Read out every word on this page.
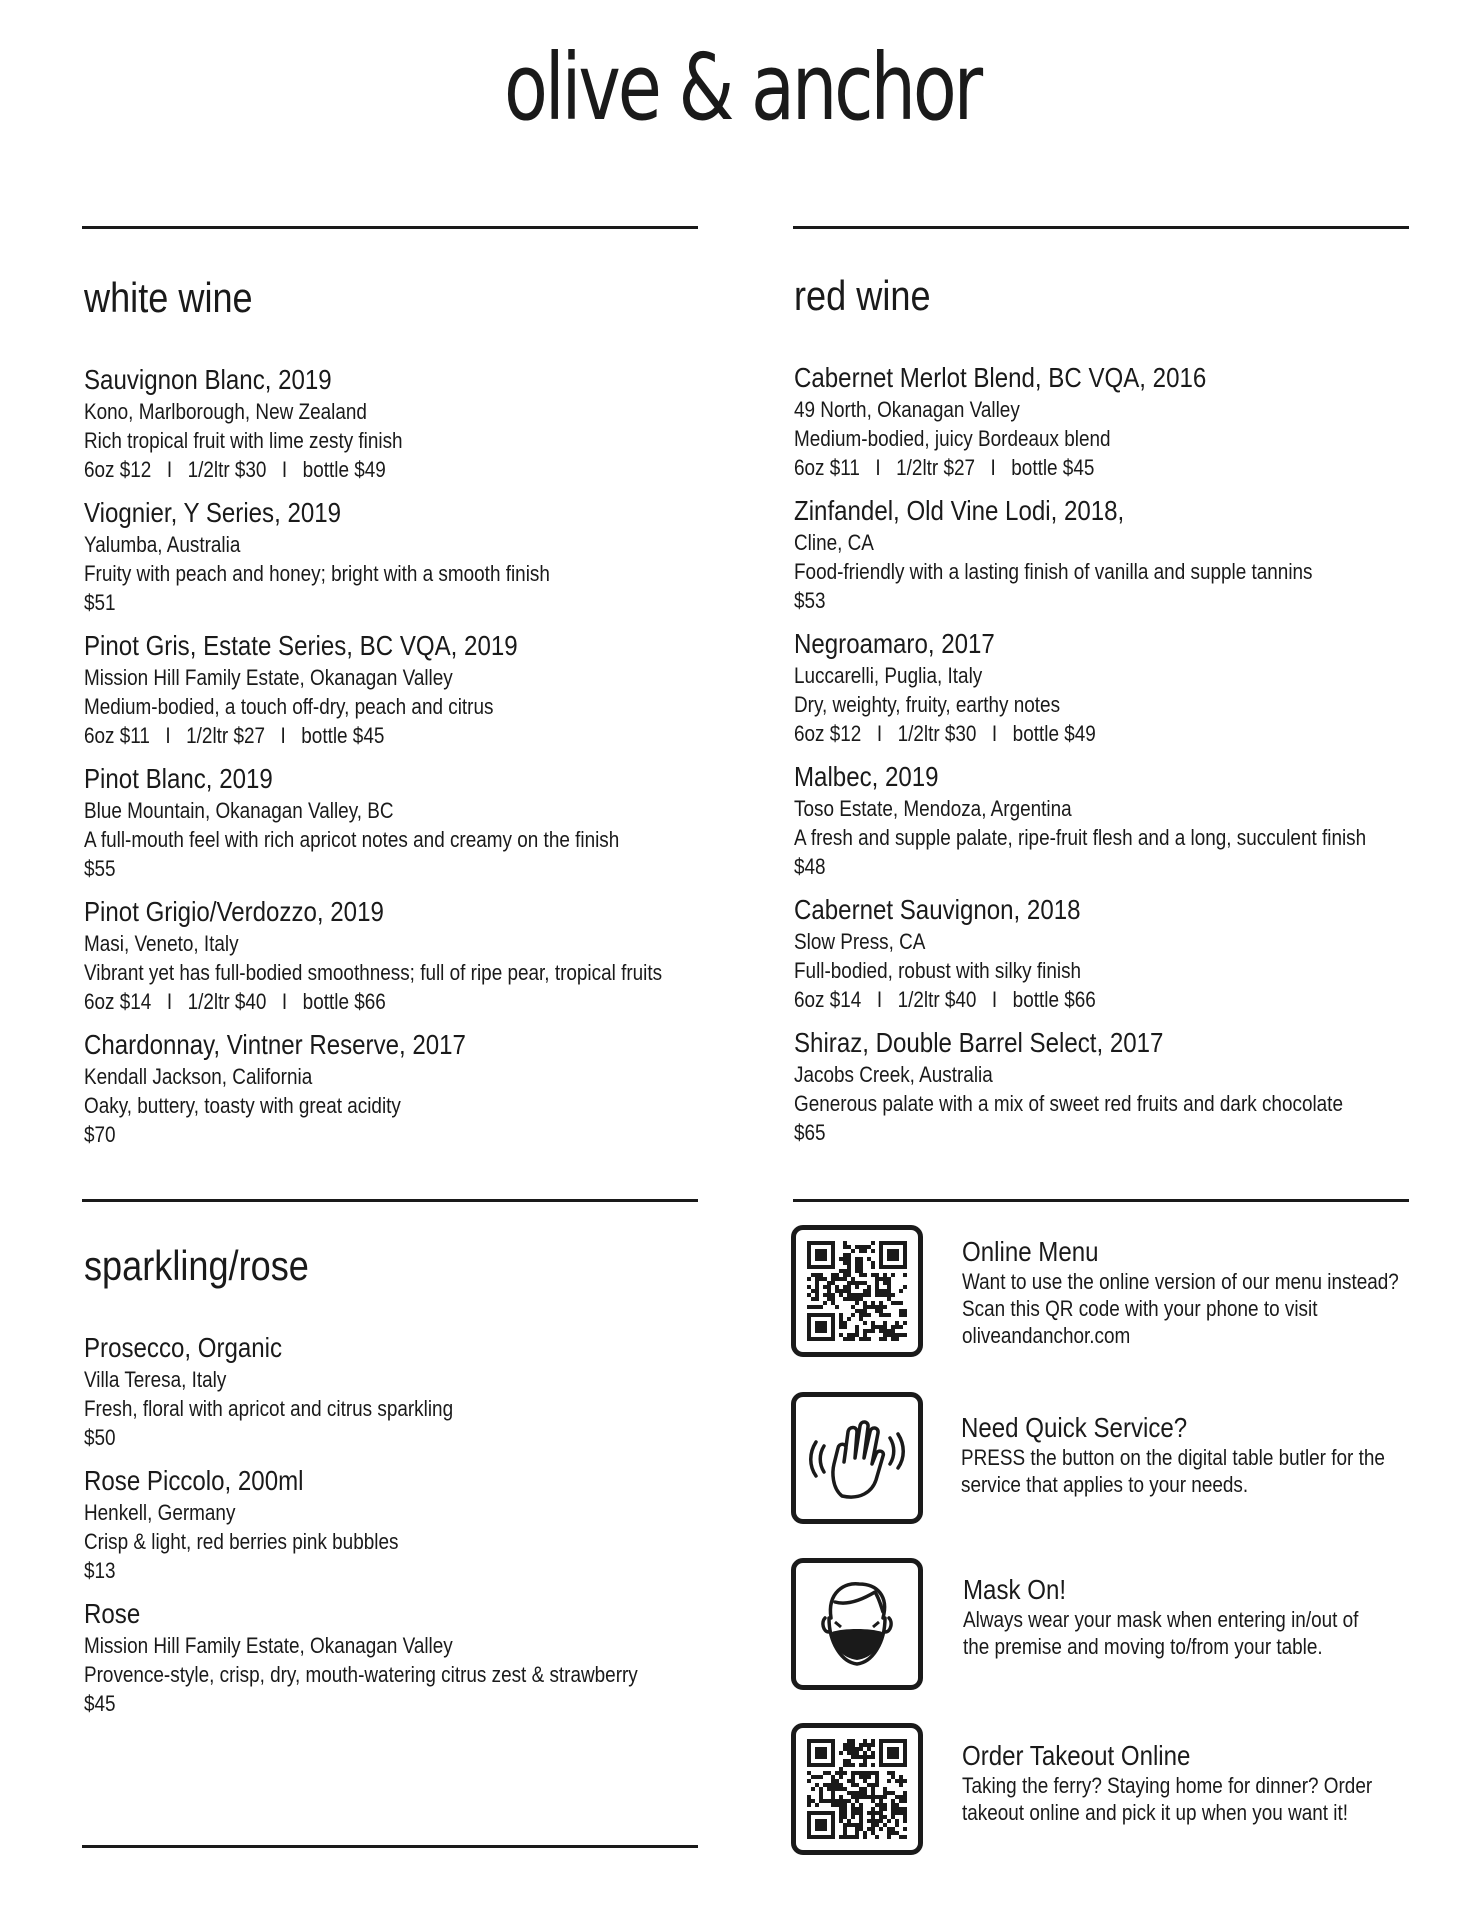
olive & anchor
white wine
Sauvignon Blanc, 2019
Kono, Marlborough, New Zealand
Rich tropical fruit with lime zesty finish
6oz $12 I 1/2ltr $30 I bottle $49
Viognier, Y Series, 2019
Yalumba, Australia
Fruity with peach and honey; bright with a smooth finish
$51
Pinot Gris, Estate Series, BC VQA, 2019
Mission Hill Family Estate, Okanagan Valley
Medium-bodied, a touch off-dry, peach and citrus
6oz $11 I 1/2ltr $27 I bottle $45
Pinot Blanc, 2019
Blue Mountain, Okanagan Valley, BC
A full-mouth feel with rich apricot notes and creamy on the finish
$55
Pinot Grigio/Verdozzo, 2019
Masi, Veneto, Italy
Vibrant yet has full-bodied smoothness; full of ripe pear, tropical fruits
6oz $14 I 1/2ltr $40 I bottle $66
Chardonnay, Vintner Reserve, 2017
Kendall Jackson, California
Oaky, buttery, toasty with great acidity
$70
red wine
Cabernet Merlot Blend, BC VQA, 2016
49 North, Okanagan Valley
Medium-bodied, juicy Bordeaux blend
6oz $11 I 1/2ltr $27 I bottle $45
Zinfandel, Old Vine Lodi, 2018,
Cline, CA
Food-friendly with a lasting finish of vanilla and supple tannins
$53
Negroamaro, 2017
Luccarelli, Puglia, Italy
Dry, weighty, fruity, earthy notes
6oz $12 I 1/2ltr $30 I bottle $49
Malbec, 2019
Toso Estate, Mendoza, Argentina
A fresh and supple palate, ripe-fruit flesh and a long, succulent finish
$48
Cabernet Sauvignon, 2018
Slow Press, CA
Full-bodied, robust with silky finish
6oz $14 I 1/2ltr $40 I bottle $66
Shiraz, Double Barrel Select, 2017
Jacobs Creek, Australia
Generous palate with a mix of sweet red fruits and dark chocolate
$65
sparkling/rose
Prosecco, Organic
Villa Teresa, Italy
Fresh, floral with apricot and citrus sparkling
$50
Rose Piccolo, 200ml
Henkell, Germany
Crisp & light, red berries pink bubbles
$13
Rose
Mission Hill Family Estate, Okanagan Valley
Provence-style, crisp, dry, mouth-watering citrus zest & strawberry
$45
Online Menu
Want to use the online version of our menu instead?
Scan this QR code with your phone to visit
oliveandanchor.com
Need Quick Service?
PRESS the button on the digital table butler for the
service that applies to your needs.
Mask On!
Always wear your mask when entering in/out of
the premise and moving to/from your table.
Order Takeout Online
Taking the ferry? Staying home for dinner? Order
takeout online and pick it up when you want it!
